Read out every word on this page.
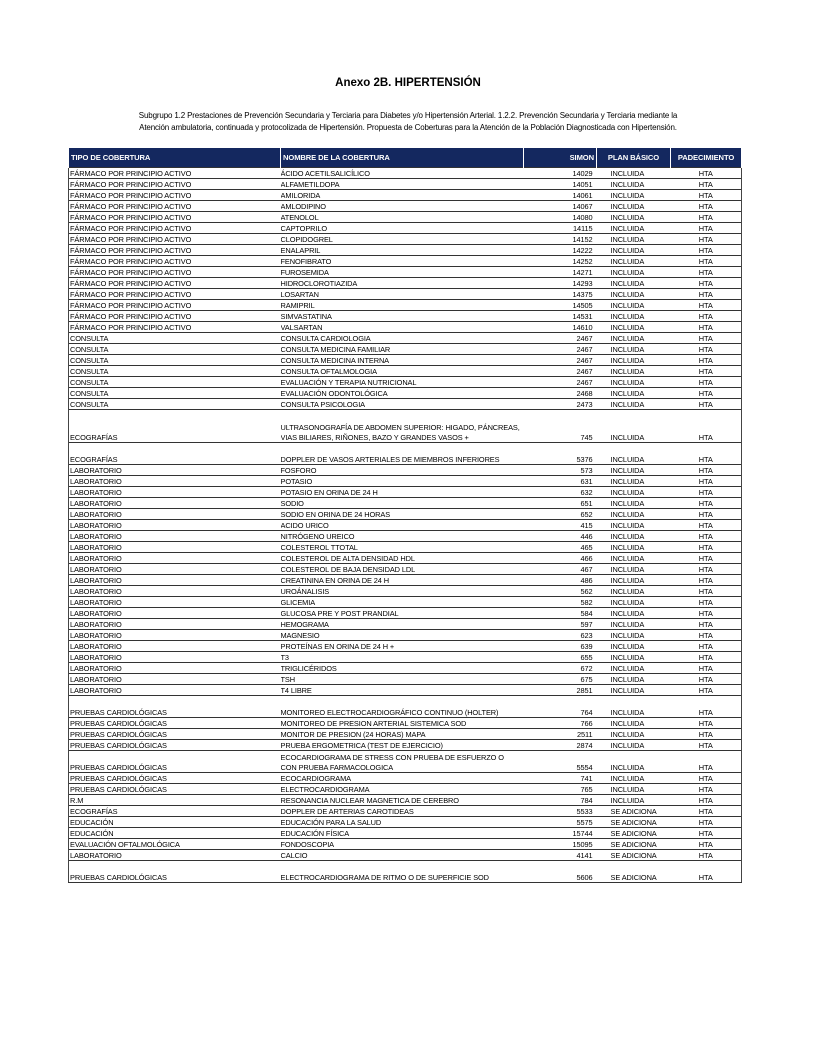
Anexo 2B. HIPERTENSIÓN
Subgrupo 1.2 Prestaciones de Prevención Secundaria y Terciaria para Diabetes y/o Hipertensión Arterial. 1.2.2. Prevención Secundaria y Terciaria mediante la
Atención ambulatoria, continuada y protocolizada de Hipertensión. Propuesta de Coberturas para la Atención de la Población Diagnosticada con Hipertensión.
TIPO DE COBERTURA	NOMBRE DE LA COBERTURA	SIMON	PLAN BÁSICO	PADECIMIENTO
FÁRMACO POR PRINCIPIO ACTIVO	ÁCIDO ACETILSALICÍLICO	14029	INCLUIDA	HTA
FÁRMACO POR PRINCIPIO ACTIVO	ALFAMETILDOPA	14051	INCLUIDA	HTA
FÁRMACO POR PRINCIPIO ACTIVO	AMILORIDA	14061	INCLUIDA	HTA
FÁRMACO POR PRINCIPIO ACTIVO	AMLODIPINO	14067	INCLUIDA	HTA
FÁRMACO POR PRINCIPIO ACTIVO	ATENOLOL	14080	INCLUIDA	HTA
FÁRMACO POR PRINCIPIO ACTIVO	CAPTOPRILO	14115	INCLUIDA	HTA
FÁRMACO POR PRINCIPIO ACTIVO	CLOPIDOGREL	14152	INCLUIDA	HTA
FÁRMACO POR PRINCIPIO ACTIVO	ENALAPRIL	14222	INCLUIDA	HTA
FÁRMACO POR PRINCIPIO ACTIVO	FENOFIBRATO	14252	INCLUIDA	HTA
FÁRMACO POR PRINCIPIO ACTIVO	FUROSEMIDA	14271	INCLUIDA	HTA
FÁRMACO POR PRINCIPIO ACTIVO	HIDROCLOROTIAZIDA	14293	INCLUIDA	HTA
FÁRMACO POR PRINCIPIO ACTIVO	LOSARTAN	14375	INCLUIDA	HTA
FÁRMACO POR PRINCIPIO ACTIVO	RAMIPRIL	14505	INCLUIDA	HTA
FÁRMACO POR PRINCIPIO ACTIVO	SIMVASTATINA	14531	INCLUIDA	HTA
FÁRMACO POR PRINCIPIO ACTIVO	VALSARTAN	14610	INCLUIDA	HTA
CONSULTA	CONSULTA CARDIOLOGIA	2467	INCLUIDA	HTA
CONSULTA	CONSULTA MEDICINA FAMILIAR	2467	INCLUIDA	HTA
CONSULTA	CONSULTA MEDICINA INTERNA	2467	INCLUIDA	HTA
CONSULTA	CONSULTA OFTALMOLOGIA	2467	INCLUIDA	HTA
CONSULTA	EVALUACIÓN Y TERAPIA NUTRICIONAL	2467	INCLUIDA	HTA
CONSULTA	EVALUACIÓN ODONTOLÓGICA	2468	INCLUIDA	HTA
CONSULTA	CONSULTA PSICOLOGIA	2473	INCLUIDA	HTA
ECOGRAFÍAS	ULTRASONOGRAFÍA DE ABDOMEN SUPERIOR: HIGADO, PÁNCREAS, VIAS BILIARES, RIÑONES, BAZO Y GRANDES VASOS +	745	INCLUIDA	HTA
ECOGRAFÍAS	DOPPLER DE VASOS ARTERIALES DE MIEMBROS INFERIORES	5376	INCLUIDA	HTA
LABORATORIO	FOSFORO	573	INCLUIDA	HTA
LABORATORIO	POTASIO	631	INCLUIDA	HTA
LABORATORIO	POTASIO EN ORINA DE 24 H	632	INCLUIDA	HTA
LABORATORIO	SODIO	651	INCLUIDA	HTA
LABORATORIO	SODIO EN ORINA DE 24 HORAS	652	INCLUIDA	HTA
LABORATORIO	ACIDO URICO	415	INCLUIDA	HTA
LABORATORIO	NITRÓGENO UREICO	446	INCLUIDA	HTA
LABORATORIO	COLESTEROL TTOTAL	465	INCLUIDA	HTA
LABORATORIO	COLESTEROL DE ALTA DENSIDAD HDL	466	INCLUIDA	HTA
LABORATORIO	COLESTEROL DE BAJA DENSIDAD LDL	467	INCLUIDA	HTA
LABORATORIO	CREATININA EN ORINA DE 24 H	486	INCLUIDA	HTA
LABORATORIO	UROÁNALISIS	562	INCLUIDA	HTA
LABORATORIO	GLICEMIA	582	INCLUIDA	HTA
LABORATORIO	GLUCOSA PRE Y POST PRANDIAL	584	INCLUIDA	HTA
LABORATORIO	HEMOGRAMA	597	INCLUIDA	HTA
LABORATORIO	MAGNESIO	623	INCLUIDA	HTA
LABORATORIO	PROTEÍNAS EN ORINA DE 24 H +	639	INCLUIDA	HTA
LABORATORIO	T3	655	INCLUIDA	HTA
LABORATORIO	TRIGLICÉRIDOS	672	INCLUIDA	HTA
LABORATORIO	TSH	675	INCLUIDA	HTA
LABORATORIO	T4 LIBRE	2851	INCLUIDA	HTA
PRUEBAS CARDIOLÓGICAS	MONITOREO ELECTROCARDIOGRÁFICO CONTINUO (HOLTER)	764	INCLUIDA	HTA
PRUEBAS CARDIOLÓGICAS	MONITOREO DE PRESION ARTERIAL SISTEMICA SOD	766	INCLUIDA	HTA
PRUEBAS CARDIOLÓGICAS	MONITOR DE PRESION (24 HORAS) MAPA	2511	INCLUIDA	HTA
PRUEBAS CARDIOLÓGICAS	PRUEBA ERGOMETRICA (TEST DE EJERCICIO)	2874	INCLUIDA	HTA
PRUEBAS CARDIOLÓGICAS	ECOCARDIOGRAMA DE STRESS CON PRUEBA DE ESFUERZO O CON PRUEBA FARMACOLOGICA	5554	INCLUIDA	HTA
PRUEBAS CARDIOLÓGICAS	ECOCARDIOGRAMA	741	INCLUIDA	HTA
PRUEBAS CARDIOLÓGICAS	ELECTROCARDIOGRAMA	765	INCLUIDA	HTA
R.M	RESONANCIA NUCLEAR MAGNETICA DE CEREBRO	784	INCLUIDA	HTA
ECOGRAFÍAS	DOPPLER DE ARTERIAS CAROTIDEAS	5533	SE ADICIONA	HTA
EDUCACIÓN	EDUCACIÓN PARA LA SALUD	5575	SE ADICIONA	HTA
EDUCACIÓN	EDUCACIÓN FÍSICA	15744	SE ADICIONA	HTA
EVALUACIÓN OFTALMOLÓGICA	FONDOSCOPIA	15095	SE ADICIONA	HTA
LABORATORIO	CALCIO	4141	SE ADICIONA	HTA
PRUEBAS CARDIOLÓGICAS	ELECTROCARDIOGRAMA DE RITMO O DE SUPERFICIE SOD	5606	SE ADICIONA	HTA
